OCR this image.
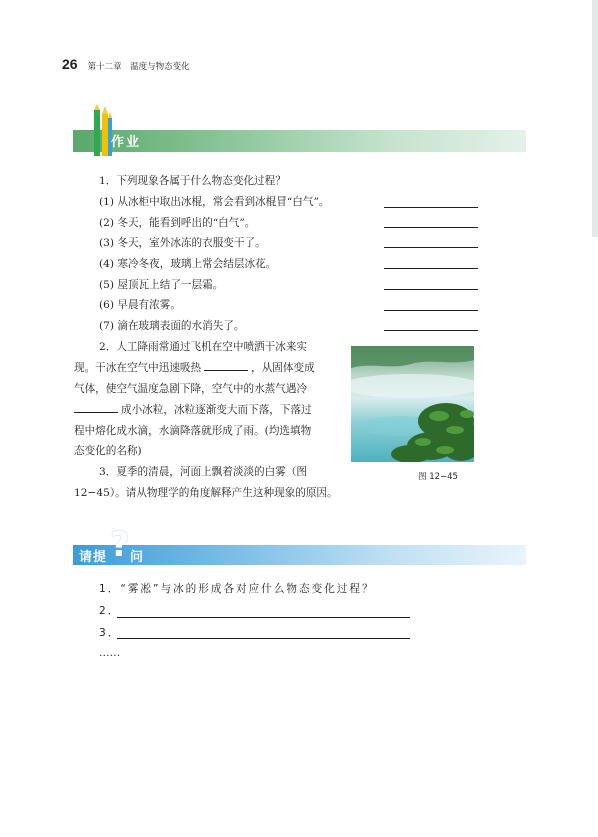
26 第十二章　温度与物态变化
作业
1．下列现象各属于什么物态变化过程？
(1) 从冰柜中取出冰棍，常会看到冰棍冒“白气”。
(2) 冬天，能看到呼出的“白气”。
(3) 冬天，室外冰冻的衣服变干了。
(4) 寒冷冬夜，玻璃上常会结层冰花。
(5) 屋顶瓦上结了一层霜。
(6) 早晨有浓雾。
(7) 滴在玻璃表面的水消失了。
2．人工降雨常通过飞机在空中喷洒干冰来实
现。干冰在空气中迅速吸热	，从固体变成
气体，使空气温度急剧下降，空气中的水蒸气遇冷
成小冰粒，冰粒逐渐变大而下落，下落过
程中熔化成水滴，水滴降落就形成了雨。(均选填物
态变化的名称)
3．夏季的清晨，河面上飘着淡淡的白雾（图
12−45）。请从物理学的角度解释产生这种现象的原因。
图 12−45
请提 ? 问
1．“雾凇”与冰的形成各对应什么物态变化过程？
2．
3．
……
